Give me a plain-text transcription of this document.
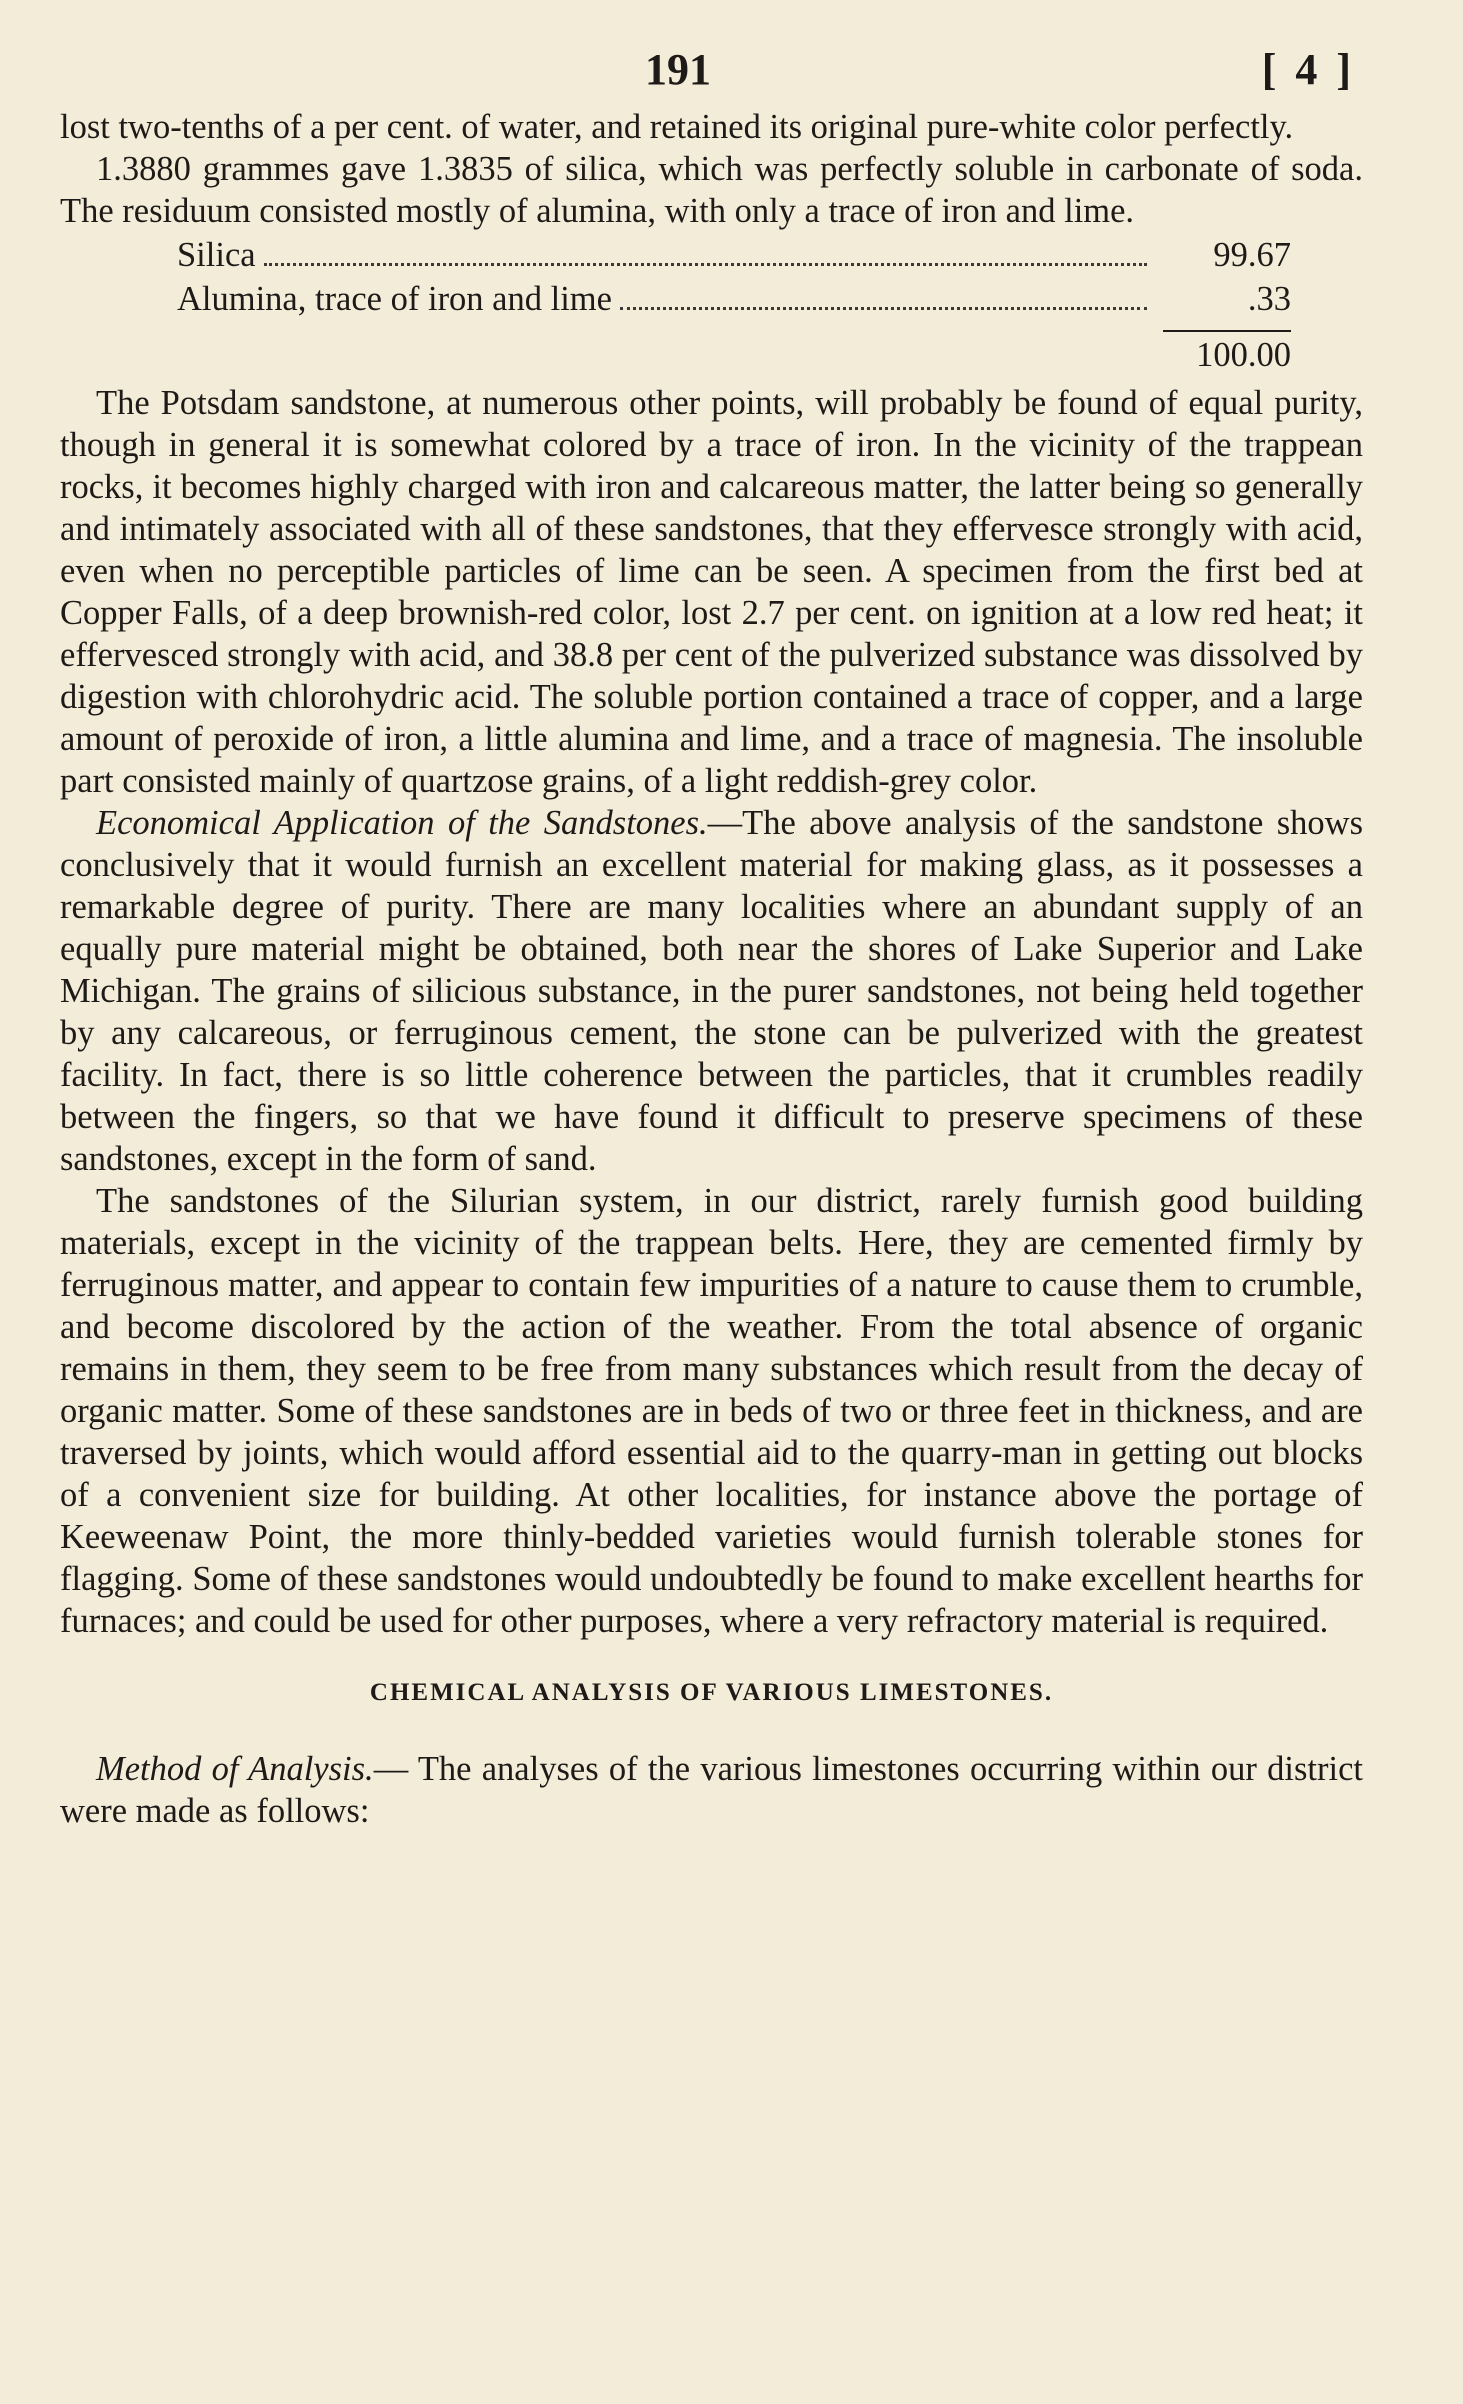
191	[ 4 ]

lost two-tenths of a per cent. of water, and retained its original pure-white color perfectly.

1.3880 grammes gave 1.3835 of silica, which was perfectly soluble in carbonate of soda. The residuum consisted mostly of alumina, with only a trace of iron and lime.

Silica	99.67
Alumina, trace of iron and lime	.33
100.00

The Potsdam sandstone, at numerous other points, will probably be found of equal purity, though in general it is somewhat colored by a trace of iron. In the vicinity of the trappean rocks, it becomes highly charged with iron and calcareous matter, the latter being so generally and intimately associated with all of these sandstones, that they effervesce strongly with acid, even when no perceptible particles of lime can be seen. A specimen from the first bed at Copper Falls, of a deep brownish-red color, lost 2.7 per cent. on ignition at a low red heat; it effervesced strongly with acid, and 38.8 per cent of the pulverized substance was dissolved by digestion with chlorohydric acid. The soluble portion contained a trace of copper, and a large amount of peroxide of iron, a little alumina and lime, and a trace of magnesia. The insoluble part consisted mainly of quartzose grains, of a light reddish-grey color.

Economical Application of the Sandstones.—The above analysis of the sandstone shows conclusively that it would furnish an excellent material for making glass, as it possesses a remarkable degree of purity. There are many localities where an abundant supply of an equally pure material might be obtained, both near the shores of Lake Superior and Lake Michigan. The grains of silicious substance, in the purer sandstones, not being held together by any calcareous, or ferruginous cement, the stone can be pulverized with the greatest facility. In fact, there is so little coherence between the particles, that it crumbles readily between the fingers, so that we have found it difficult to preserve specimens of these sandstones, except in the form of sand.

The sandstones of the Silurian system, in our district, rarely furnish good building materials, except in the vicinity of the trappean belts. Here, they are cemented firmly by ferruginous matter, and appear to contain few impurities of a nature to cause them to crumble, and become discolored by the action of the weather. From the total absence of organic remains in them, they seem to be free from many substances which result from the decay of organic matter. Some of these sandstones are in beds of two or three feet in thickness, and are traversed by joints, which would afford essential aid to the quarry-man in getting out blocks of a convenient size for building. At other localities, for instance above the portage of Keeweenaw Point, the more thinly-bedded varieties would furnish tolerable stones for flagging. Some of these sandstones would undoubtedly be found to make excellent hearths for furnaces; and could be used for other purposes, where a very refractory material is required.

CHEMICAL ANALYSIS OF VARIOUS LIMESTONES.

Method of Analysis.— The analyses of the various limestones occurring within our district were made as follows:
